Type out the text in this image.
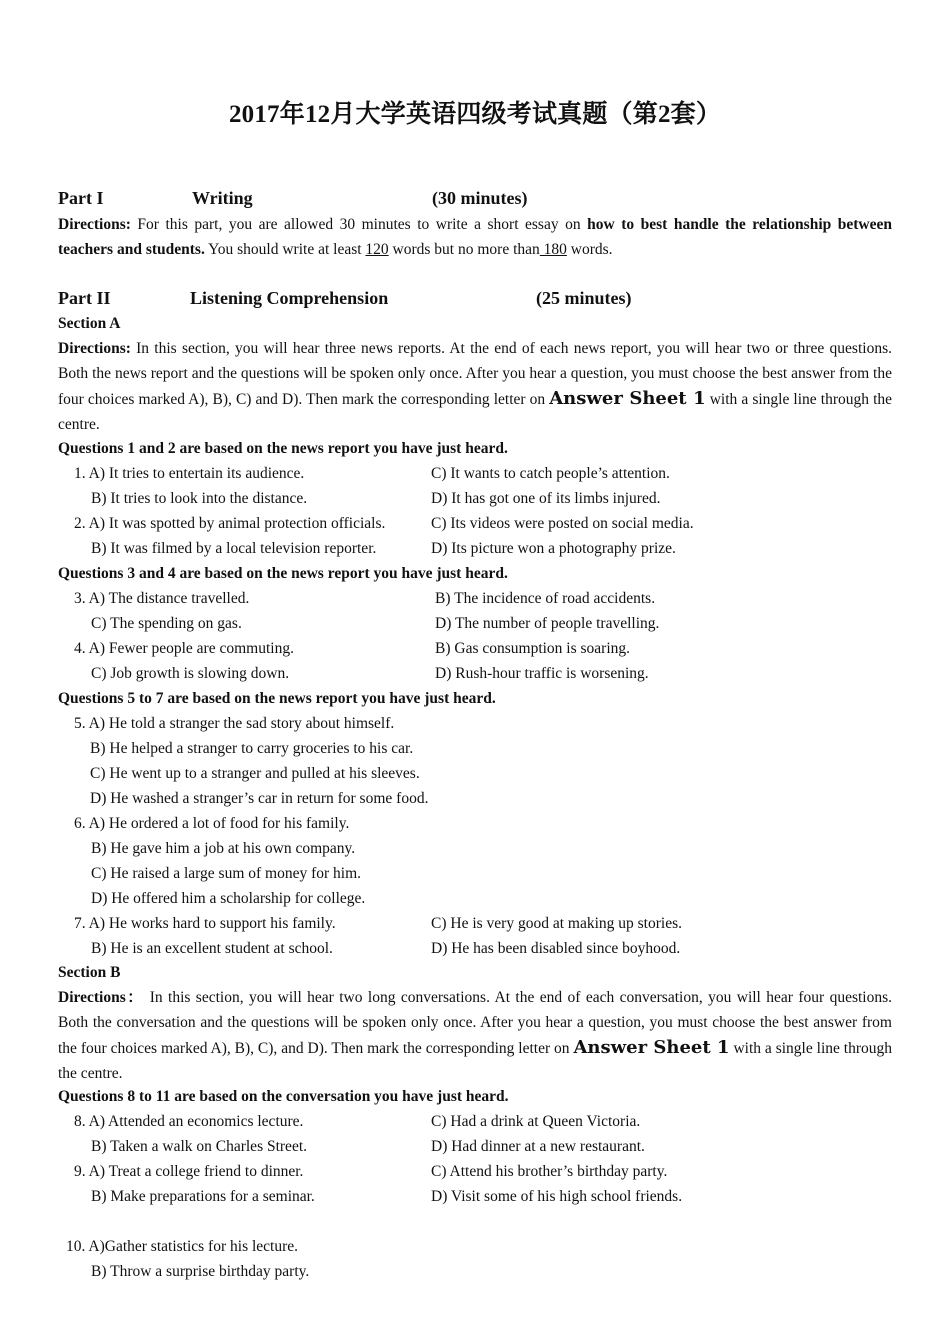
2017年12月大学英语四级考试真题（第2套）
Part I	Writing	(30 minutes)
Directions: For this part, you are allowed 30 minutes to write a short essay on how to best handle the relationship between teachers and students. You should write at least 120 words but no more than 180 words.
Part II	Listening Comprehension	(25 minutes)
Section A
Directions: In this section, you will hear three news reports. At the end of each news report, you will hear two or three questions. Both the news report and the questions will be spoken only once. After you hear a question, you must choose the best answer from the four choices marked A), B), C) and D). Then mark the corresponding letter on Answer Sheet 1 with a single line through the centre.
Questions 1 and 2 are based on the news report you have just heard.
1. A) It tries to entertain its audience.	C) It wants to catch people’s attention.
B) It tries to look into the distance.	D) It has got one of its limbs injured.
2. A) It was spotted by animal protection officials.	C) Its videos were posted on social media.
B) It was filmed by a local television reporter.	D) Its picture won a photography prize.
Questions 3 and 4 are based on the news report you have just heard.
3. A) The distance travelled.	B) The incidence of road accidents.
C) The spending on gas.	D) The number of people travelling.
4. A) Fewer people are commuting.	B) Gas consumption is soaring.
C) Job growth is slowing down.	D) Rush-hour traffic is worsening.
Questions 5 to 7 are based on the news report you have just heard.
5. A) He told a stranger the sad story about himself.
B) He helped a stranger to carry groceries to his car.
C) He went up to a stranger and pulled at his sleeves.
D) He washed a stranger’s car in return for some food.
6. A) He ordered a lot of food for his family.
B) He gave him a job at his own company.
C) He raised a large sum of money for him.
D) He offered him a scholarship for college.
7. A) He works hard to support his family.	C) He is very good at making up stories.
B) He is an excellent student at school.	D) He has been disabled since boyhood.
Section B
Directions： In this section, you will hear two long conversations. At the end of each conversation, you will hear four questions. Both the conversation and the questions will be spoken only once. After you hear a question, you must choose the best answer from the four choices marked A), B), C), and D). Then mark the corresponding letter on Answer Sheet 1 with a single line through the centre.
Questions 8 to 11 are based on the conversation you have just heard.
8. A) Attended an economics lecture.	C) Had a drink at Queen Victoria.
B) Taken a walk on Charles Street.	D) Had dinner at a new restaurant.
9. A) Treat a college friend to dinner.	C) Attend his brother’s birthday party.
B) Make preparations for a seminar.	D) Visit some of his high school friends.
10. A)Gather statistics for his lecture.
B) Throw a surprise birthday party.
